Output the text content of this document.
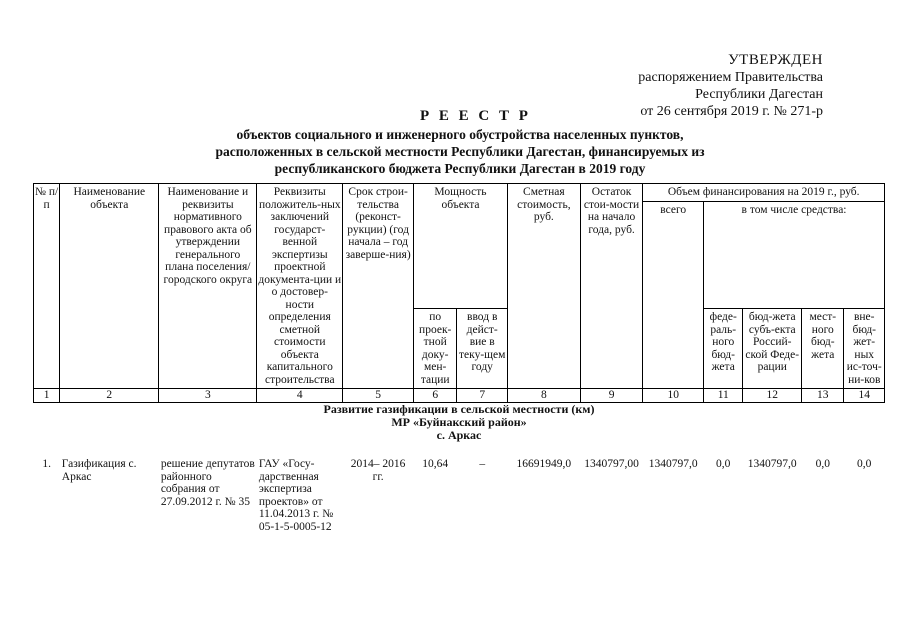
УТВЕРЖДЕН
распоряжением Правительства
Республики Дагестан
от 26 сентября 2019 г. № 271-р
Р Е Е С Т Р
объектов социального и инженерного обустройства населенных пунктов,
расположенных в сельской местности Республики Дагестан, финансируемых из
республиканского бюджета Республики Дагестан в 2019 году
№ п/п	Наименование объекта	Наименование и реквизиты нормативного правового акта об утверждении генерального плана поселения/ городского округа	Реквизиты положитель-ных заключений государст-венной экспертизы проектной документа-ции и о достовер-ности определения сметной стоимости объекта капитального строительства	Срок строи-тельства (реконст-рукции) (год начала – год заверше-ния)	Мощность объекта		Сметная стоимость, руб.	Остаток стои-мости на начало года, руб.	Объем финансирования на 2019 г., руб.				
									всего	в том числе средства:			
					по проек-тной доку-мен-тации	ввод в дейст-вие в теку-щем году				феде-раль-ного бюд-жета	бюд-жета субъ-екта Россий-ской Феде-рации	мест-ного бюд-жета	вне-бюд-жет-ных ис-точ-ни-ков
1	2	3	4	5	6	7	8	9	10	11	12	13	14
Развитие газификации в сельской местности (км)													
МР «Буйнакский район»													
с. Аркас													

1.	Газификация с. Аркас	решение депутатов районного собрания от 27.09.2012 г. № 35	ГАУ «Госу-дарственная экспертиза проектов» от 11.04.2013 г. № 05-1-5-0005-12	2014– 2016 гг.	10,64	–	16691949,0	1340797,00	1340797,0	0,0	1340797,0	0,0	0,0
